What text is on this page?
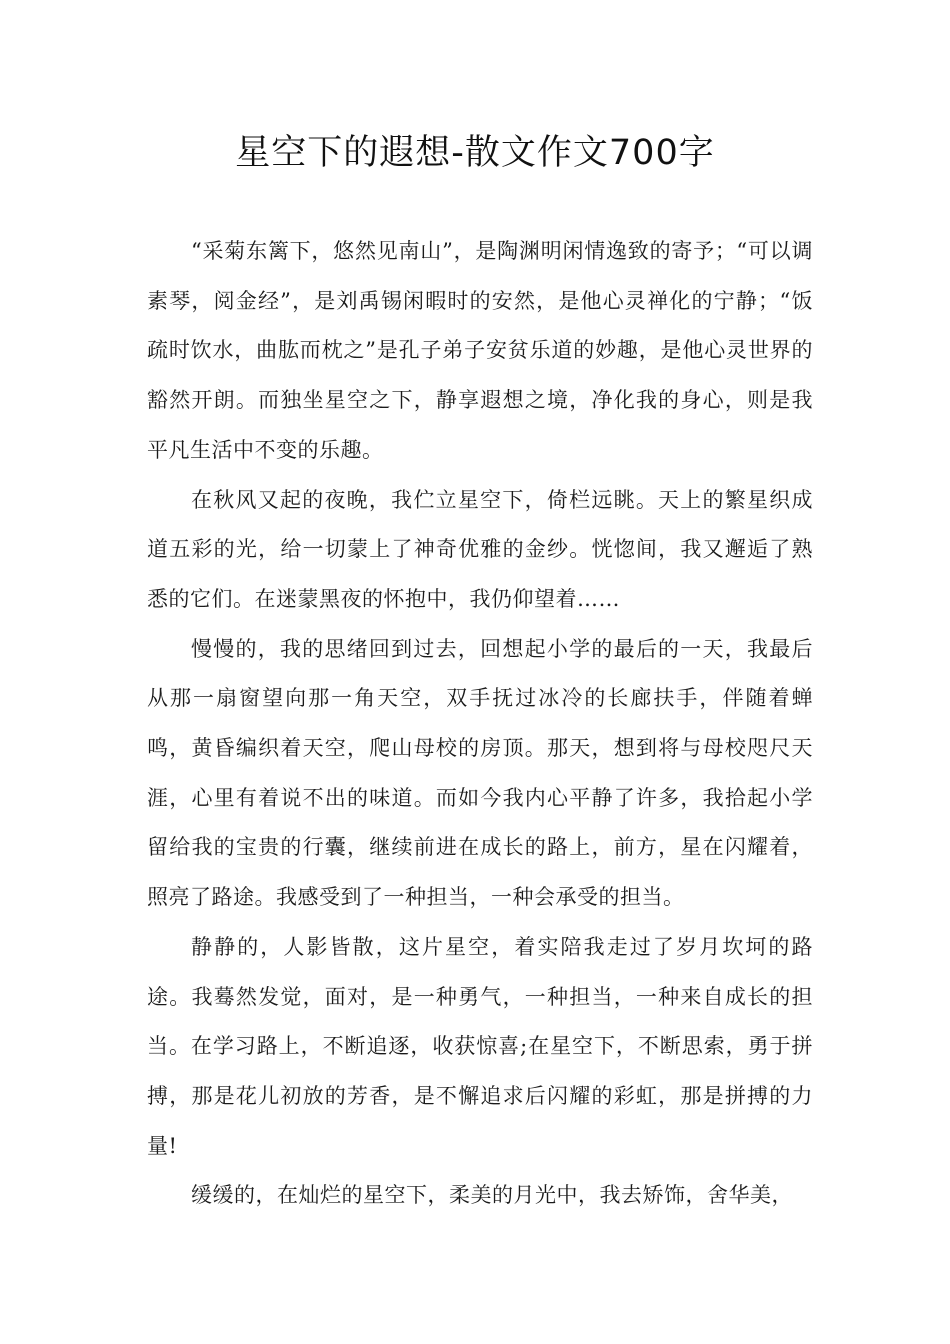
星空下的遐想-散文作文700字

“采菊东篱下，悠然见南山”，是陶渊明闲情逸致的寄予；“可以调素琴，阅金经”，是刘禹锡闲暇时的安然，是他心灵禅化的宁静；“饭疏时饮水，曲肱而枕之”是孔子弟子安贫乐道的妙趣，是他心灵世界的豁然开朗。而独坐星空之下，静享遐想之境，净化我的身心，则是我平凡生活中不变的乐趣。

在秋风又起的夜晚，我伫立星空下，倚栏远眺。天上的繁星织成道五彩的光，给一切蒙上了神奇优雅的金纱。恍惚间，我又邂逅了熟悉的它们。在迷蒙黑夜的怀抱中，我仍仰望着……

慢慢的，我的思绪回到过去，回想起小学的最后的一天，我最后从那一扇窗望向那一角天空，双手抚过冰冷的长廊扶手，伴随着蝉鸣，黄昏编织着天空，爬山母校的房顶。那天，想到将与母校咫尺天涯，心里有着说不出的味道。而如今我内心平静了许多，我拾起小学留给我的宝贵的行囊，继续前进在成长的路上，前方，星在闪耀着，照亮了路途。我感受到了一种担当，一种会承受的担当。

静静的，人影皆散，这片星空，着实陪我走过了岁月坎坷的路途。我蓦然发觉，面对，是一种勇气，一种担当，一种来自成长的担当。在学习路上，不断追逐，收获惊喜;在星空下，不断思索，勇于拼搏，那是花儿初放的芳香，是不懈追求后闪耀的彩虹，那是拼搏的力量!

缓缓的，在灿烂的星空下，柔美的月光中，我去矫饰，舍华美，
